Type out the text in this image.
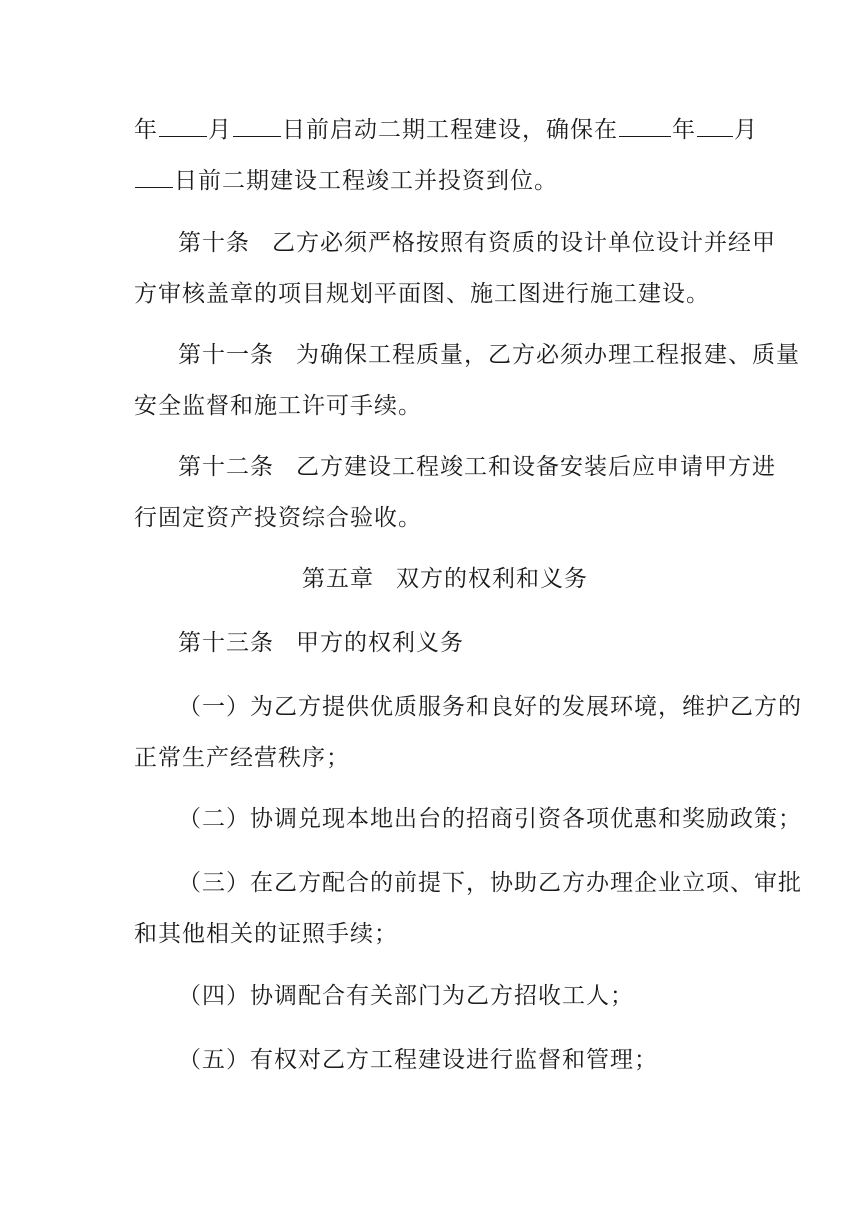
年 月 日前启动二期工程建设，确保在 年 月
日前二期建设工程竣工并投资到位。
第十条 乙方必须严格按照有资质的设计单位设计并经甲
方审核盖章的项目规划平面图、施工图进行施工建设。
第十一条 为确保工程质量，乙方必须办理工程报建、质量
安全监督和施工许可手续。
第十二条 乙方建设工程竣工和设备安装后应申请甲方进
行固定资产投资综合验收。
第五章 双方的权利和义务
第十三条 甲方的权利义务
（一）为乙方提供优质服务和良好的发展环境，维护乙方的
正常生产经营秩序；
（二）协调兑现本地出台的招商引资各项优惠和奖励政策；
（三）在乙方配合的前提下，协助乙方办理企业立项、审批
和其他相关的证照手续；
（四）协调配合有关部门为乙方招收工人；
（五）有权对乙方工程建设进行监督和管理；
